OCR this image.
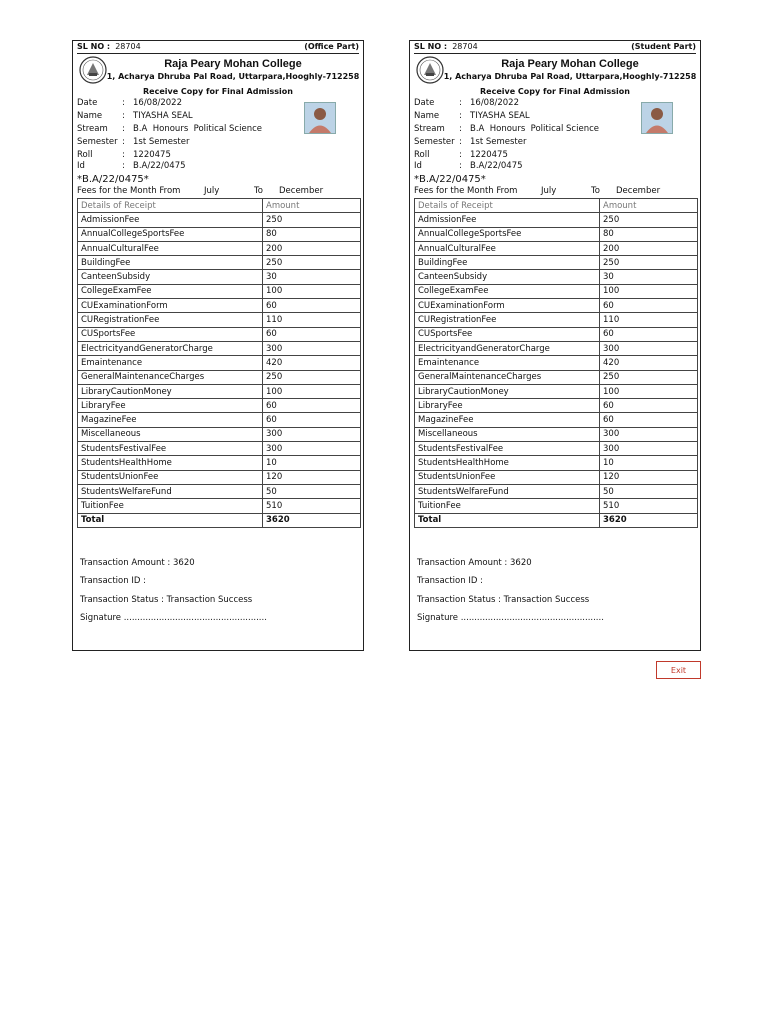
SL NO : 28704	(Office Part)
Raja Peary Mohan College
1, Acharya Dhruba Pal Road, Uttarpara,Hooghly-712258
Receive Copy for Final Admission
Date	: 16/08/2022
Name : TIYASHA SEAL
Stream : B.A  Honours  Political Science
Semester : 1st Semester
Roll	: 1220475
Id	: B.A/22/0475
*B.A/22/0475*
Fees for the Month From	July	To December
Details of Receipt	Amount
AdmissionFee	250
AnnualCollegeSportsFee	80
AnnualCulturalFee	200
BuildingFee	250
CanteenSubsidy	30
CollegeExamFee	100
CUExaminationForm	60
CURegistrationFee	110
CUSportsFee	60
ElectricityandGeneratorCharge	300
Emaintenance	420
GeneralMaintenanceCharges	250
LibraryCautionMoney	100
LibraryFee	60
MagazineFee	60
Miscellaneous	300
StudentsFestivalFee	300
StudentsHealthHome	10
StudentsUnionFee	120
StudentsWelfareFund	50
TuitionFee	510
Total	3620
Transaction Amount : 3620
Transaction ID :
Transaction Status : Transaction Success
Signature .....................................................
SL NO : 28704	(Student Part)
Raja Peary Mohan College
1, Acharya Dhruba Pal Road, Uttarpara,Hooghly-712258
Receive Copy for Final Admission
Date	: 16/08/2022
Name : TIYASHA SEAL
Stream : B.A  Honours  Political Science
Semester : 1st Semester
Roll	: 1220475
Id	: B.A/22/0475
*B.A/22/0475*
Fees for the Month From	July	To December
Details of Receipt	Amount
AdmissionFee	250
AnnualCollegeSportsFee	80
AnnualCulturalFee	200
BuildingFee	250
CanteenSubsidy	30
CollegeExamFee	100
CUExaminationForm	60
CURegistrationFee	110
CUSportsFee	60
ElectricityandGeneratorCharge	300
Emaintenance	420
GeneralMaintenanceCharges	250
LibraryCautionMoney	100
LibraryFee	60
MagazineFee	60
Miscellaneous	300
StudentsFestivalFee	300
StudentsHealthHome	10
StudentsUnionFee	120
StudentsWelfareFund	50
TuitionFee	510
Total	3620
Transaction Amount : 3620
Transaction ID :
Transaction Status : Transaction Success
Signature .....................................................
Exit
